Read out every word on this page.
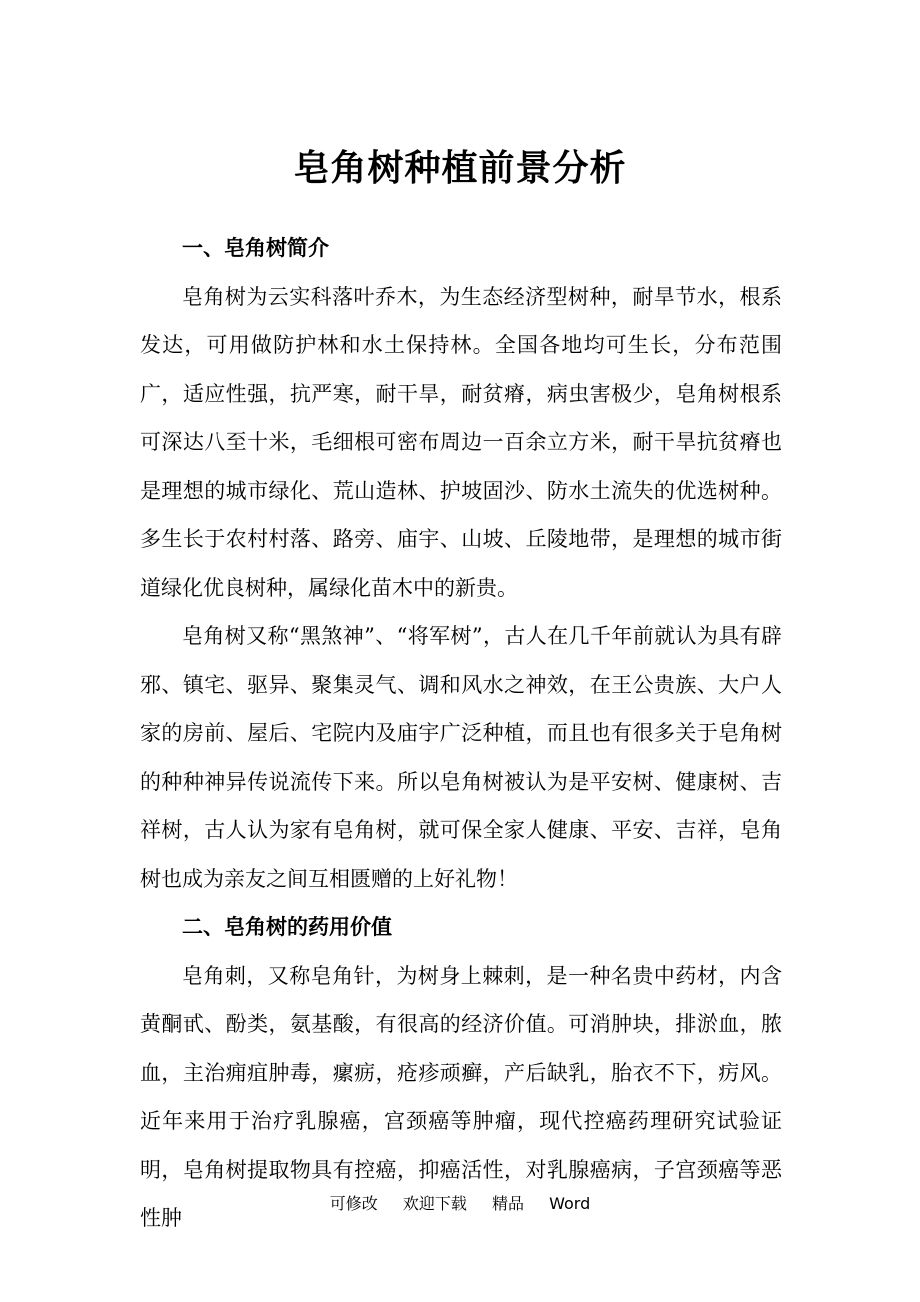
皂角树种植前景分析
一、皂角树简介

皂角树为云实科落叶乔木，为生态经济型树种，耐旱节水，根系发达，可用做防护林和水土保持林。全国各地均可生长，分布范围广，适应性强，抗严寒，耐干旱，耐贫瘠，病虫害极少，皂角树根系可深达八至十米，毛细根可密布周边一百余立方米，耐干旱抗贫瘠也是理想的城市绿化、荒山造林、护坡固沙、防水土流失的优选树种。多生长于农村村落、路旁、庙宇、山坡、丘陵地带，是理想的城市街道绿化优良树种，属绿化苗木中的新贵。

皂角树又称“黑煞神”、“将军树”，古人在几千年前就认为具有辟邪、镇宅、驱异、聚集灵气、调和风水之神效，在王公贵族、大户人家的房前、屋后、宅院内及庙宇广泛种植，而且也有很多关于皂角树的种种神异传说流传下来。所以皂角树被认为是平安树、健康树、吉祥树，古人认为家有皂角树，就可保全家人健康、平安、吉祥，皂角树也成为亲友之间互相匮赠的上好礼物！

二、皂角树的药用价值

皂角刺，又称皂角针，为树身上棘刺，是一种名贵中药材，内含黄酮甙、酚类，氨基酸，有很高的经济价值。可消肿块，排淤血，脓血，主治痈疽肿毒，瘰疬，疮疹顽癣，产后缺乳，胎衣不下，疠风。近年来用于治疗乳腺癌，宫颈癌等肿瘤，现代控癌药理研究试验证明，皂角树提取物具有控癌，抑癌活性，对乳腺癌病，子宫颈癌等恶性肿

可修改 欢迎下载 精品 Word
